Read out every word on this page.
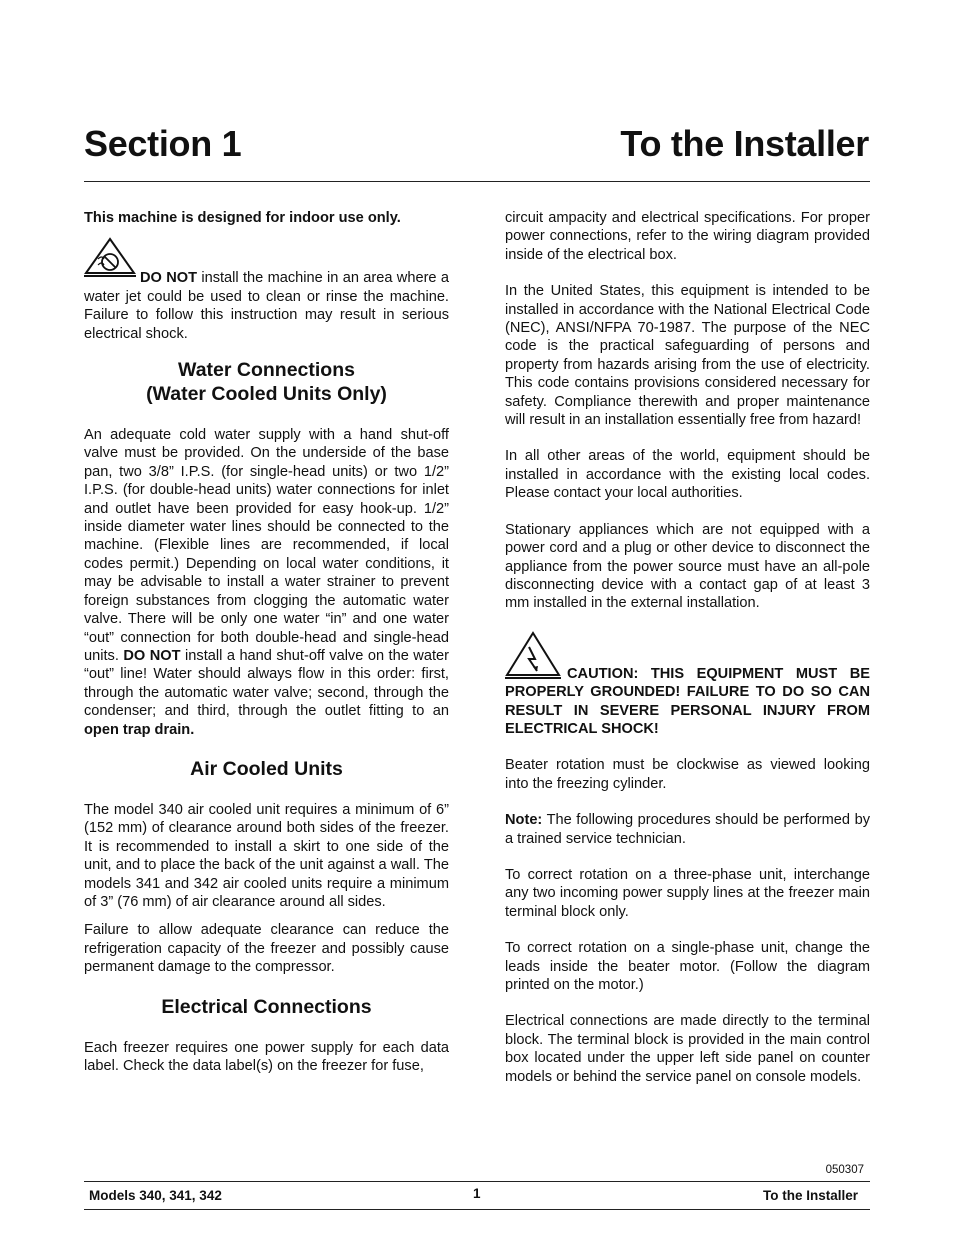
Section 1	To the Installer

This machine is designed for indoor use only.

DO NOT install the machine in an area where a water jet could be used to clean or rinse the machine. Failure to follow this instruction may result in serious electrical shock.

Water Connections
(Water Cooled Units Only)

An adequate cold water supply with a hand shut-off valve must be provided. On the underside of the base pan, two 3/8” I.P.S. (for single-head units) or two 1/2” I.P.S. (for double-head units) water connections for inlet and outlet have been provided for easy hook-up. 1/2” inside diameter water lines should be connected to the machine. (Flexible lines are recommended, if local codes permit.) Depending on local water conditions, it may be advisable to install a water strainer to prevent foreign substances from clogging the automatic water valve. There will be only one water “in” and one water “out” connection for both double-head and single-head units. DO NOT install a hand shut-off valve on the water “out” line! Water should always flow in this order: first, through the automatic water valve; second, through the condenser; and third, through the outlet fitting to an open trap drain.

Air Cooled Units

The model 340 air cooled unit requires a minimum of 6” (152 mm) of clearance around both sides of the freezer. It is recommended to install a skirt to one side of the unit, and to place the back of the unit against a wall. The models 341 and 342 air cooled units require a minimum of 3” (76 mm) of air clearance around all sides.

Failure to allow adequate clearance can reduce the refrigeration capacity of the freezer and possibly cause permanent damage to the compressor.

Electrical Connections

Each freezer requires one power supply for each data label. Check the data label(s) on the freezer for fuse,

circuit ampacity and electrical specifications. For proper power connections, refer to the wiring diagram provided inside of the electrical box.

In the United States, this equipment is intended to be installed in accordance with the National Electrical Code (NEC), ANSI/NFPA 70-1987. The purpose of the NEC code is the practical safeguarding of persons and property from hazards arising from the use of electricity. This code contains provisions considered necessary for safety. Compliance therewith and proper maintenance will result in an installation essentially free from hazard!

In all other areas of the world, equipment should be installed in accordance with the existing local codes. Please contact your local authorities.

Stationary appliances which are not equipped with a power cord and a plug or other device to disconnect the appliance from the power source must have an all-pole disconnecting device with a contact gap of at least 3 mm installed in the external installation.

CAUTION: THIS EQUIPMENT MUST BE PROPERLY GROUNDED! FAILURE TO DO SO CAN RESULT IN SEVERE PERSONAL INJURY FROM ELECTRICAL SHOCK!

Beater rotation must be clockwise as viewed looking into the freezing cylinder.

Note: The following procedures should be performed by a trained service technician.

To correct rotation on a three-phase unit, interchange any two incoming power supply lines at the freezer main terminal block only.

To correct rotation on a single-phase unit, change the leads inside the beater motor. (Follow the diagram printed on the motor.)

Electrical connections are made directly to the terminal block. The terminal block is provided in the main control box located under the upper left side panel on counter models or behind the service panel on console models.

050307
Models 340, 341, 342	1	To the Installer
